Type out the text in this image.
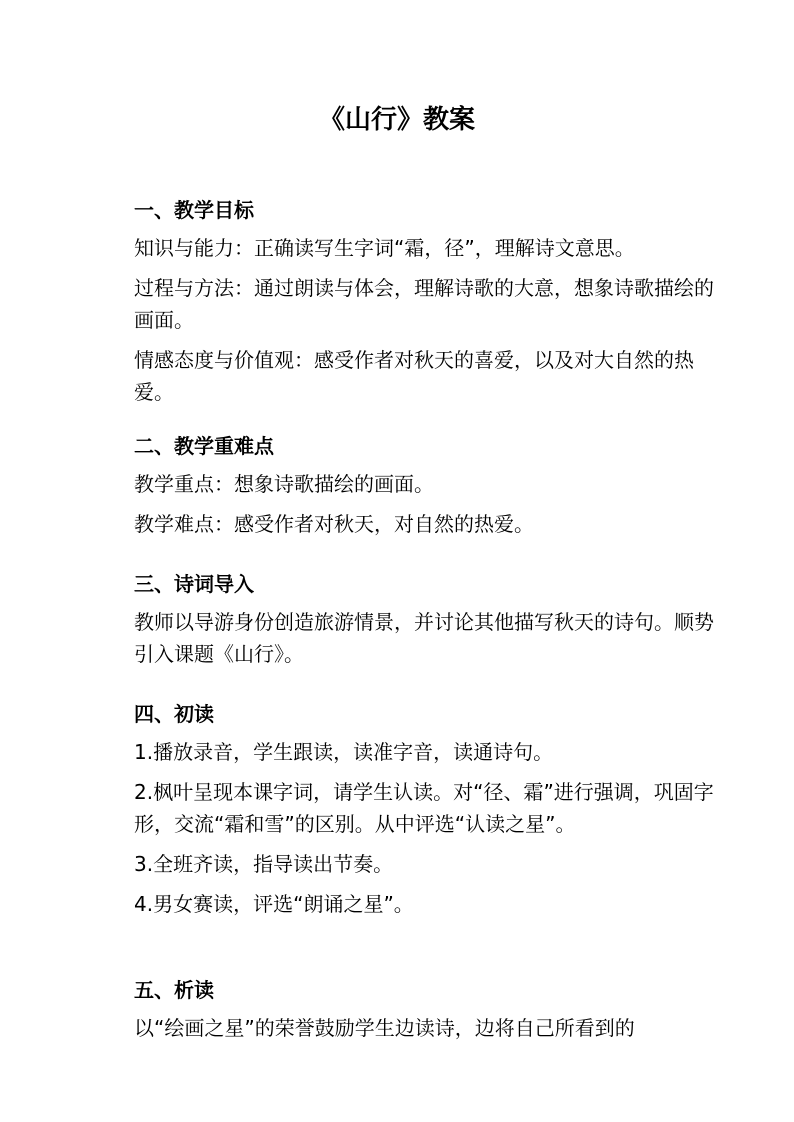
《山行》教案
一、教学目标

知识与能力：正确读写生字词“霜，径”，理解诗文意思。

过程与方法：通过朗读与体会，理解诗歌的大意，想象诗歌描绘的画面。

情感态度与价值观：感受作者对秋天的喜爱，以及对大自然的热爱。

二、教学重难点

教学重点：想象诗歌描绘的画面。

教学难点：感受作者对秋天，对自然的热爱。

三、诗词导入

教师以导游身份创造旅游情景，并讨论其他描写秋天的诗句。顺势引入课题《山行》。

四、初读

1.播放录音，学生跟读，读准字音，读通诗句。

2.枫叶呈现本课字词，请学生认读。对“径、霜”进行强调，巩固字形，交流“霜和雪”的区别。从中评选“认读之星”。

3.全班齐读，指导读出节奏。

4.男女赛读，评选“朗诵之星”。

五、析读

以“绘画之星”的荣誉鼓励学生边读诗，边将自己所看到的
